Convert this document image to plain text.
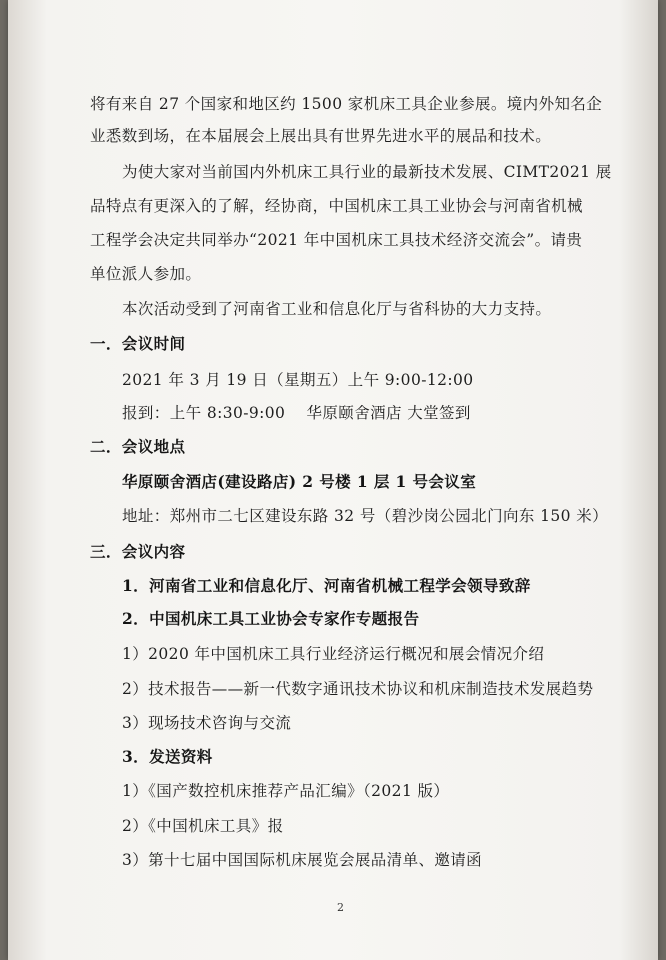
将有来自 27 个国家和地区约 1500 家机床工具企业参展。境内外知名企
业悉数到场，在本届展会上展出具有世界先进水平的展品和技术。
为使大家对当前国内外机床工具行业的最新技术发展、CIMT2021 展
品特点有更深入的了解，经协商，中国机床工具工业协会与河南省机械
工程学会决定共同举办“2021 年中国机床工具技术经济交流会”。请贵
单位派人参加。
本次活动受到了河南省工业和信息化厅与省科协的大力支持。
一．会议时间
2021 年 3 月 19 日（星期五）上午 9:00-12:00
报到：上午 8:30-9:00　 华原颐舍酒店 大堂签到
二．会议地点
华原颐舍酒店(建设路店) 2 号楼 1 层 1 号会议室
地址：郑州市二七区建设东路 32 号（碧沙岗公园北门向东 150 米）
三．会议内容
1．河南省工业和信息化厅、河南省机械工程学会领导致辞
2．中国机床工具工业协会专家作专题报告
1）2020 年中国机床工具行业经济运行概况和展会情况介绍
2）技术报告——新一代数字通讯技术协议和机床制造技术发展趋势
3）现场技术咨询与交流
3．发送资料
1）《国产数控机床推荐产品汇编》（2021 版）
2）《中国机床工具》报
3）第十七届中国国际机床展览会展品清单、邀请函
2
